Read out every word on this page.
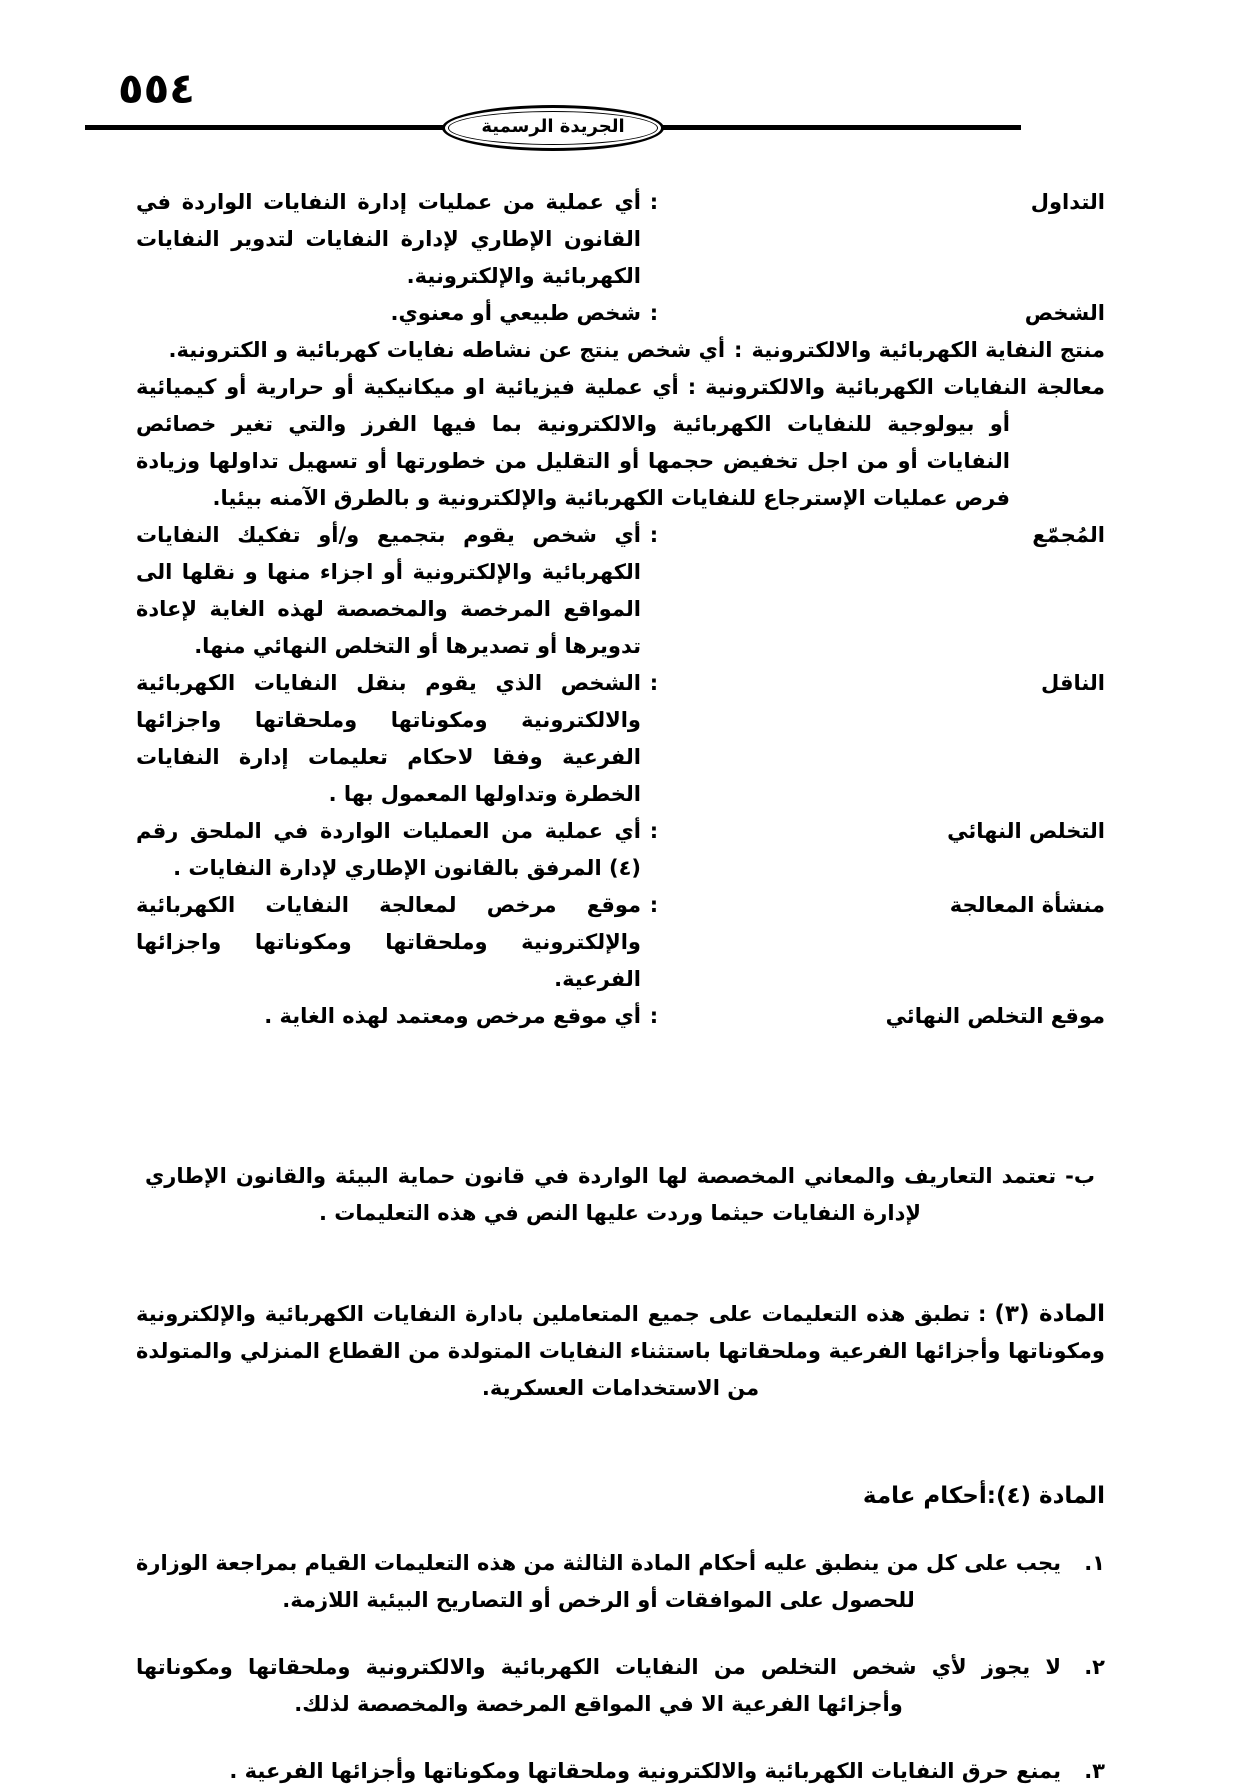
٥٥٤
الجريدة الرسمية
التداول
:
أي عملية من عمليات إدارة النفايات الواردة في القانون الإطاري لإدارة النفايات لتدوير النفايات الكهربائية والإلكترونية.
الشخص
:
شخص طبيعي أو معنوي.
منتج النفاية الكهربائية والالكترونية:أي شخص ينتج عن نشاطه نفايات كهربائية و الكترونية.
معالجة النفايات الكهربائية والالكترونية:أي عملية فيزيائية او ميكانيكية أو حرارية أو كيميائية أو بيولوجية للنفايات الكهربائية والالكترونية بما فيها الفرز والتي تغير خصائص النفايات أو من اجل تخفيض حجمها أو التقليل من خطورتها أو تسهيل تداولها وزيادة فرص عمليات الإسترجاع للنفايات الكهربائية والإلكترونية و بالطرق الآمنه بيئيا.
المُجمّع
:
أي شخص يقوم بتجميع و/أو تفكيك النفايات الكهربائية والإلكترونية أو اجزاء منها و نقلها الى المواقع المرخصة والمخصصة لهذه الغاية لإعادة تدويرها أو تصديرها أو التخلص النهائي منها.
الناقل
:
الشخص الذي يقوم بنقل النفايات الكهربائية والالكترونية ومكوناتها وملحقاتها واجزائها الفرعية وفقا لاحكام تعليمات إدارة النفايات الخطرة وتداولها المعمول بها .
التخلص النهائي
:
أي عملية من العمليات الواردة في الملحق رقم (٤) المرفق بالقانون الإطاري لإدارة النفايات .
منشأة المعالجة
:
موقع مرخص لمعالجة النفايات الكهربائية والإلكترونية وملحقاتها ومكوناتها واجزائها الفرعية.
موقع التخلص النهائي
:
أي موقع مرخص ومعتمد لهذه الغاية .

ب- تعتمد التعاريف والمعاني المخصصة لها الواردة في قانون حماية البيئة والقانون الإطاري لإدارة النفايات حيثما وردت عليها النص في هذه التعليمات .

المادة (٣):تطبق هذه التعليمات على جميع المتعاملين بادارة النفايات الكهربائية والإلكترونية ومكوناتها وأجزائها الفرعية وملحقاتها باستثناء النفايات المتولدة من القطاع المنزلي والمتولدة من الاستخدامات العسكرية.

المادة (٤):أحكام عامة
١.
يجب على كل من ينطبق عليه أحكام المادة الثالثة من هذه التعليمات القيام بمراجعة الوزارة للحصول على الموافقات أو الرخص أو التصاريح البيئية اللازمة.
٢.
لا يجوز لأي شخص التخلص من النفايات الكهربائية والالكترونية وملحقاتها ومكوناتها وأجزائها الفرعية الا في المواقع المرخصة والمخصصة لذلك.
٣.
يمنع حرق النفايات الكهربائية والالكترونية وملحقاتها ومكوناتها وأجزائها الفرعية .
